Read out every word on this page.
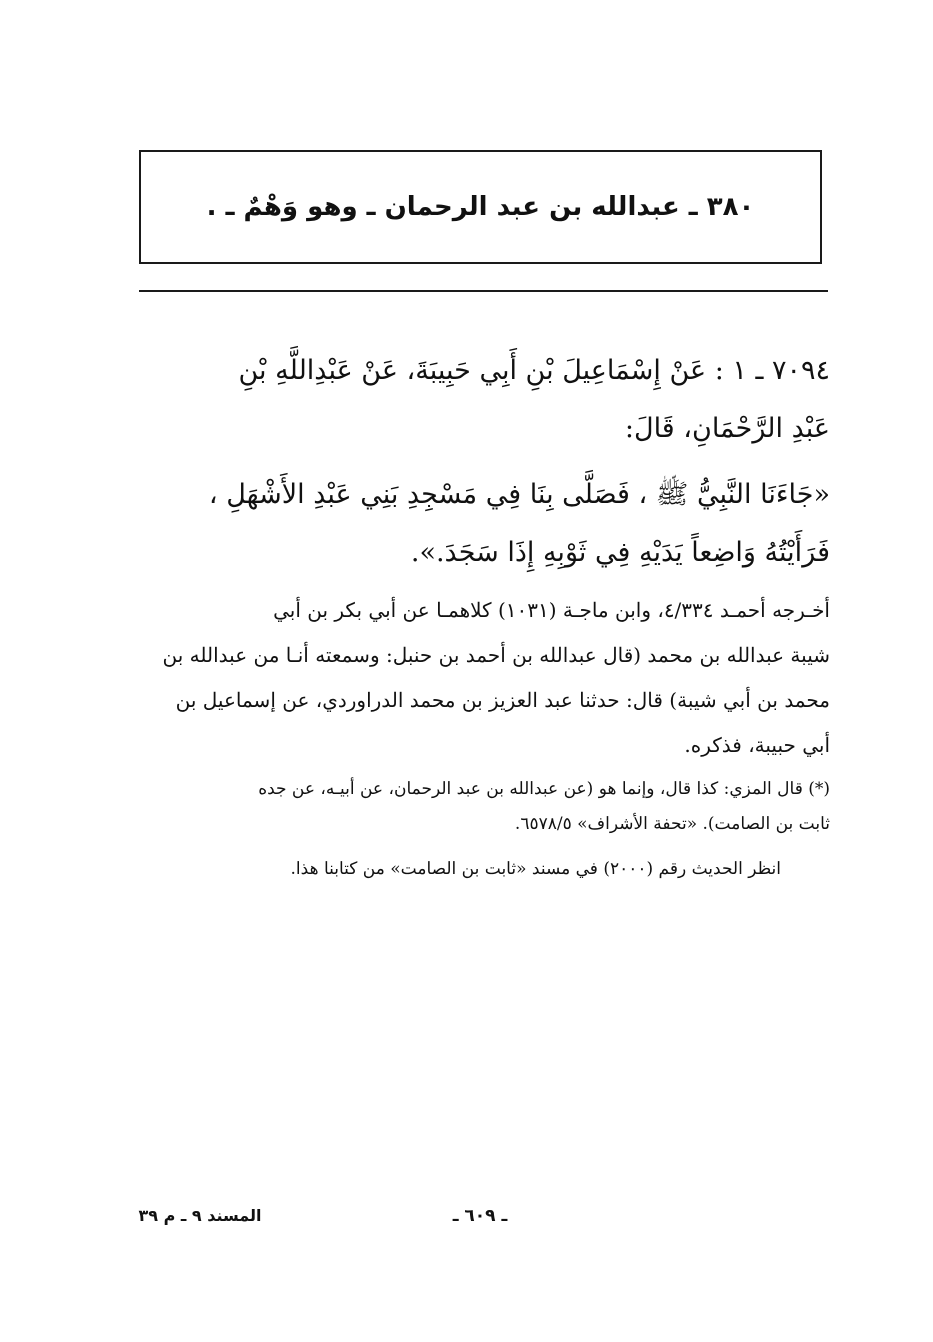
٣٨٠ ـ عبدالله بن عبد الرحمان ـ وهو وَهْمٌ ـ .
٧٠٩٤ ـ ١ : عَنْ إِسْمَاعِيلَ بْنِ أَبِي حَبِيبَةَ، عَنْ عَبْدِاللَّهِ بْنِ
عَبْدِ الرَّحْمَانِ، قَالَ:
«جَاءَنَا النَّبِيُّ ﷺ ، فَصَلَّى بِنَا فِي مَسْجِدِ بَنِي عَبْدِ الأَشْهَلِ ،
فَرَأَيْتُهُ وَاضِعاً يَدَيْهِ فِي ثَوْبِهِ إِذَا سَجَدَ.».
أخـرجه أحمـد ٤/٣٣٤، وابن ماجـة (١٠٣١) كلاهمـا عن أبي بكر بن أبي
شيبة عبدالله بن محمد (قال عبدالله بن أحمد بن حنبل: وسمعته أنـا من عبدالله بن
محمد بن أبي شيبة) قال: حدثنا عبد العزيز بن محمد الدراوردي، عن إسماعيل بن
أبي حبيبة، فذكره.
(*) قال المزي: كذا قال، وإنما هو (عن عبدالله بن عبد الرحمان، عن أبيـه، عن جده
ثابت بن الصامت). «تحفة الأشراف» ٦٥٧٨/٥.
انظر الحديث رقم (٢٠٠٠) في مسند «ثابت بن الصامت» من كتابنا هذا.
ـ ٦٠٩ ـ
المسند ٩ ـ م ٣٩
